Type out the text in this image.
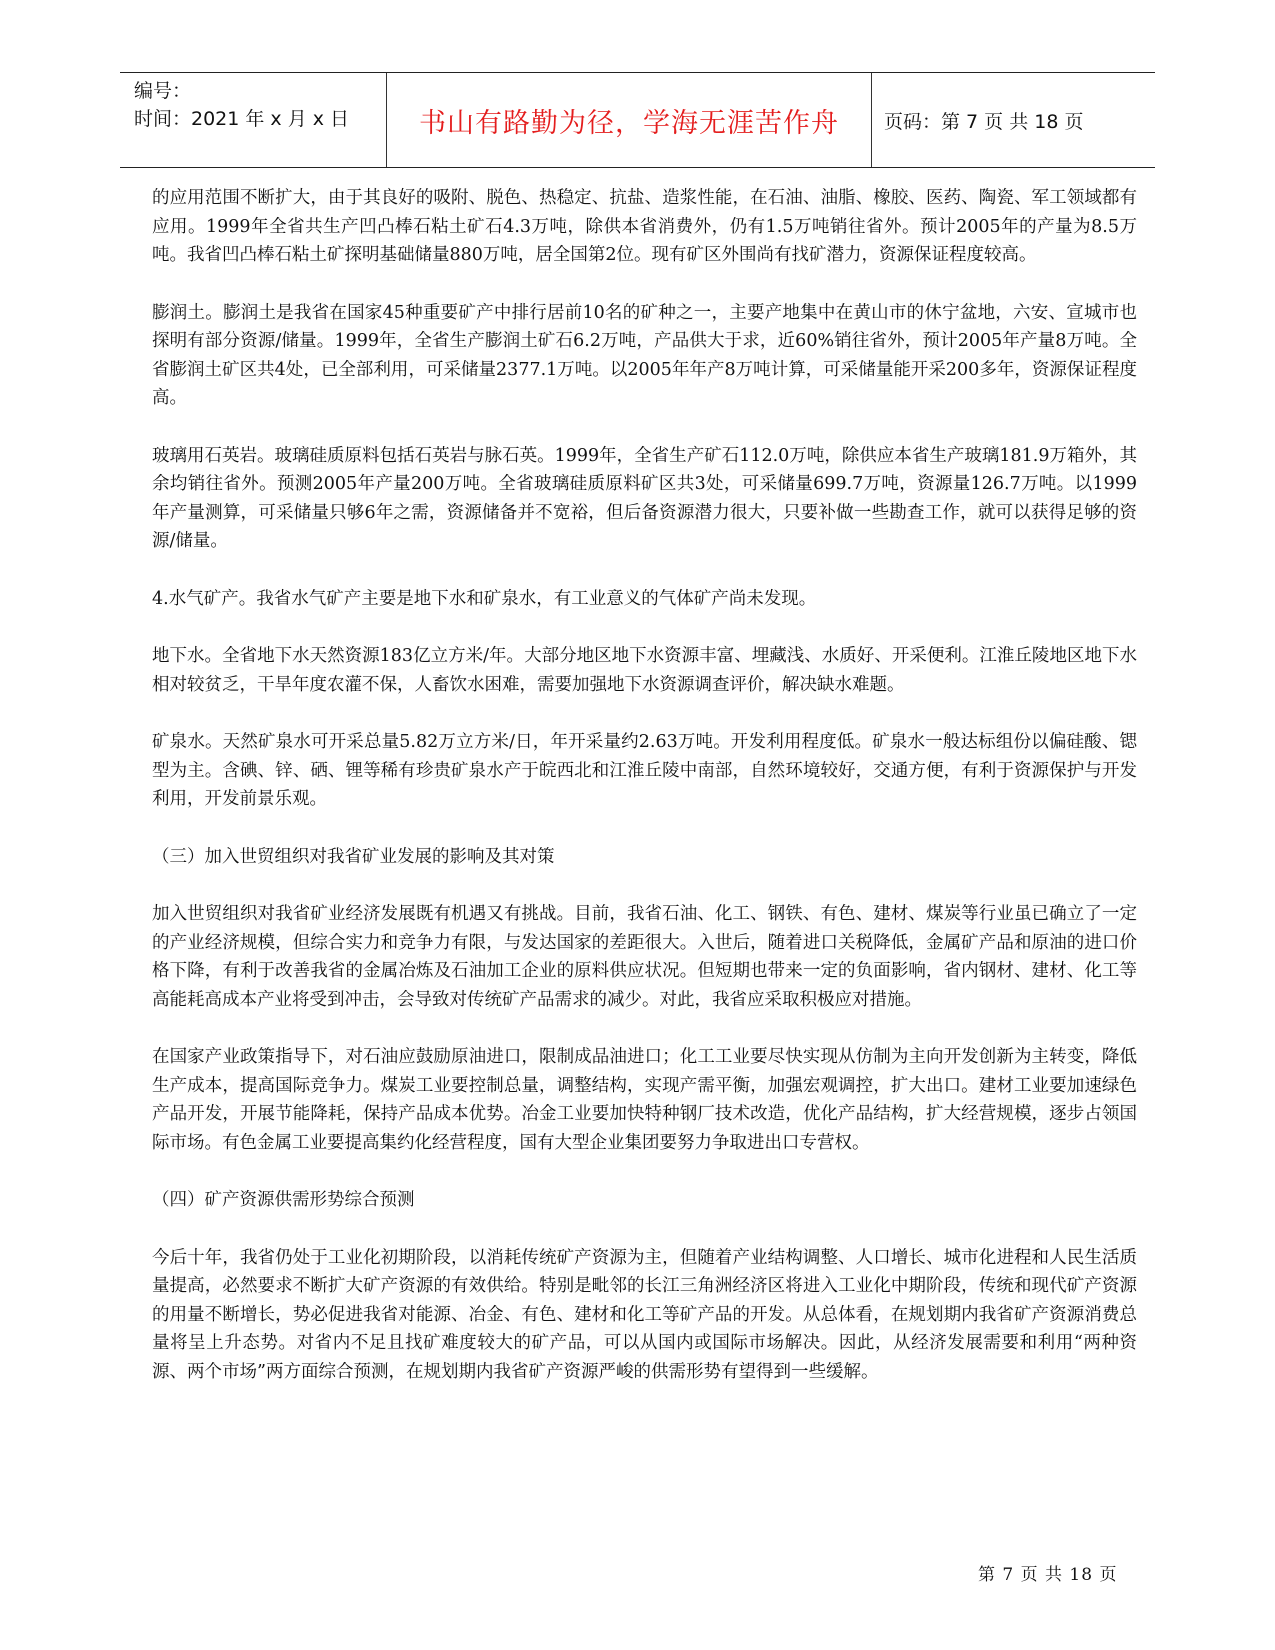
编号：
时间：2021 年 x 月 x 日	书山有路勤为径，学海无涯苦作舟	页码：第 7 页 共 18 页

的应用范围不断扩大，由于其良好的吸附、脱色、热稳定、抗盐、造浆性能，在石油、油脂、橡胶、医药、陶瓷、军工领域都有应用。1999年全省共生产凹凸棒石粘土矿石4.3万吨，除供本省消费外，仍有1.5万吨销往省外。预计2005年的产量为8.5万吨。我省凹凸棒石粘土矿探明基础储量880万吨，居全国第2位。现有矿区外围尚有找矿潜力，资源保证程度较高。

膨润土。膨润土是我省在国家45种重要矿产中排行居前10名的矿种之一，主要产地集中在黄山市的休宁盆地，六安、宣城市也探明有部分资源/储量。1999年，全省生产膨润土矿石6.2万吨，产品供大于求，近60%销往省外，预计2005年产量8万吨。全省膨润土矿区共4处，已全部利用，可采储量2377.1万吨。以2005年年产8万吨计算，可采储量能开采200多年，资源保证程度高。

玻璃用石英岩。玻璃硅质原料包括石英岩与脉石英。1999年，全省生产矿石112.0万吨，除供应本省生产玻璃181.9万箱外，其余均销往省外。预测2005年产量200万吨。全省玻璃硅质原料矿区共3处，可采储量699.7万吨，资源量126.7万吨。以1999年产量测算，可采储量只够6年之需，资源储备并不宽裕，但后备资源潜力很大，只要补做一些勘查工作，就可以获得足够的资源/储量。

4.水气矿产。我省水气矿产主要是地下水和矿泉水，有工业意义的气体矿产尚未发现。

地下水。全省地下水天然资源183亿立方米/年。大部分地区地下水资源丰富、埋藏浅、水质好、开采便利。江淮丘陵地区地下水相对较贫乏，干旱年度农灌不保，人畜饮水困难，需要加强地下水资源调查评价，解决缺水难题。

矿泉水。天然矿泉水可开采总量5.82万立方米/日，年开采量约2.63万吨。开发利用程度低。矿泉水一般达标组份以偏硅酸、锶型为主。含碘、锌、硒、锂等稀有珍贵矿泉水产于皖西北和江淮丘陵中南部，自然环境较好，交通方便，有利于资源保护与开发利用，开发前景乐观。

（三）加入世贸组织对我省矿业发展的影响及其对策

加入世贸组织对我省矿业经济发展既有机遇又有挑战。目前，我省石油、化工、钢铁、有色、建材、煤炭等行业虽已确立了一定的产业经济规模，但综合实力和竞争力有限，与发达国家的差距很大。入世后，随着进口关税降低，金属矿产品和原油的进口价格下降，有利于改善我省的金属冶炼及石油加工企业的原料供应状况。但短期也带来一定的负面影响，省内钢材、建材、化工等高能耗高成本产业将受到冲击，会导致对传统矿产品需求的减少。对此，我省应采取积极应对措施。

在国家产业政策指导下，对石油应鼓励原油进口，限制成品油进口；化工工业要尽快实现从仿制为主向开发创新为主转变，降低生产成本，提高国际竞争力。煤炭工业要控制总量，调整结构，实现产需平衡，加强宏观调控，扩大出口。建材工业要加速绿色产品开发，开展节能降耗，保持产品成本优势。冶金工业要加快特种钢厂技术改造，优化产品结构，扩大经营规模，逐步占领国际市场。有色金属工业要提高集约化经营程度，国有大型企业集团要努力争取进出口专营权。

（四）矿产资源供需形势综合预测

今后十年，我省仍处于工业化初期阶段，以消耗传统矿产资源为主，但随着产业结构调整、人口增长、城市化进程和人民生活质量提高，必然要求不断扩大矿产资源的有效供给。特别是毗邻的长江三角洲经济区将进入工业化中期阶段，传统和现代矿产资源的用量不断增长，势必促进我省对能源、冶金、有色、建材和化工等矿产品的开发。从总体看，在规划期内我省矿产资源消费总量将呈上升态势。对省内不足且找矿难度较大的矿产品，可以从国内或国际市场解决。因此，从经济发展需要和利用“两种资源、两个市场”两方面综合预测，在规划期内我省矿产资源严峻的供需形势有望得到一些缓解。

第 7 页 共 18 页
